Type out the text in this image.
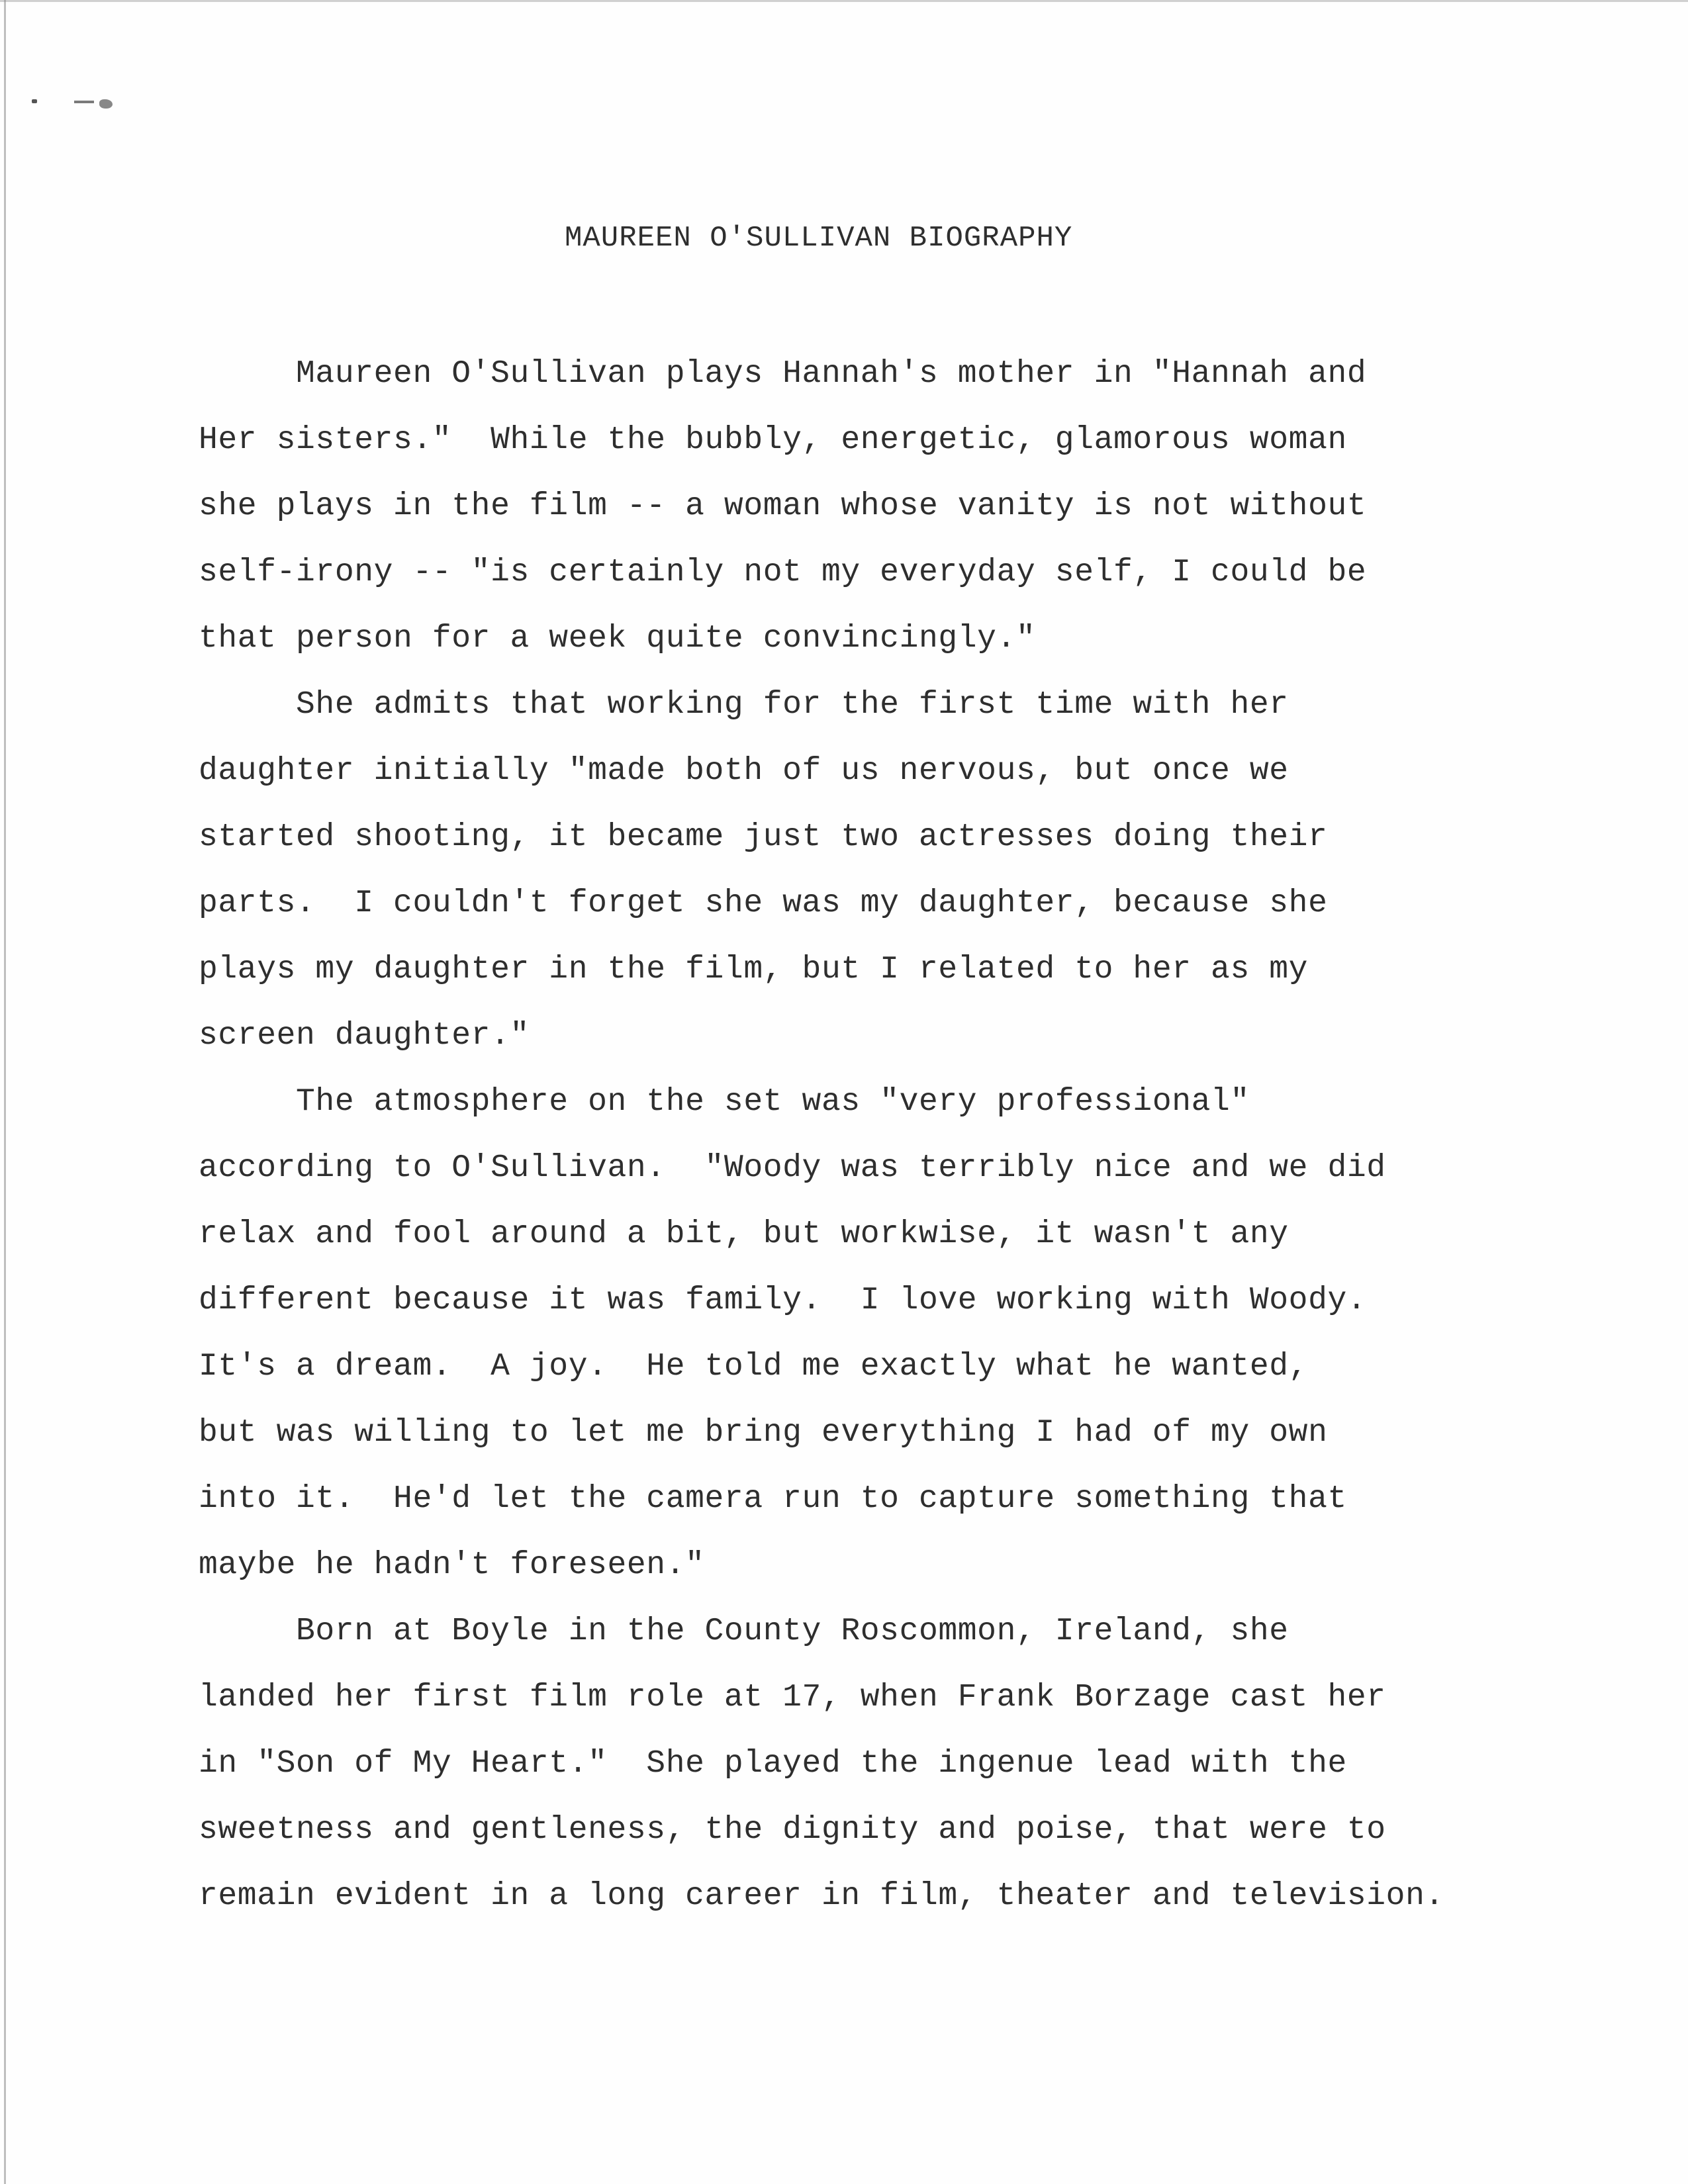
MAUREEN O'SULLIVAN BIOGRAPHY
Maureen O'Sullivan plays Hannah's mother in "Hannah and
Her sisters."  While the bubbly, energetic, glamorous woman
she plays in the film -- a woman whose vanity is not without
self-irony -- "is certainly not my everyday self, I could be
that person for a week quite convincingly."
She admits that working for the first time with her
daughter initially "made both of us nervous, but once we
started shooting, it became just two actresses doing their
parts.  I couldn't forget she was my daughter, because she
plays my daughter in the film, but I related to her as my
screen daughter."
The atmosphere on the set was "very professional"
according to O'Sullivan.  "Woody was terribly nice and we did
relax and fool around a bit, but workwise, it wasn't any
different because it was family.  I love working with Woody.
It's a dream.  A joy.  He told me exactly what he wanted,
but was willing to let me bring everything I had of my own
into it.  He'd let the camera run to capture something that
maybe he hadn't foreseen."
Born at Boyle in the County Roscommon, Ireland, she
landed her first film role at 17, when Frank Borzage cast her
in "Son of My Heart."  She played the ingenue lead with the
sweetness and gentleness, the dignity and poise, that were to
remain evident in a long career in film, theater and television.
